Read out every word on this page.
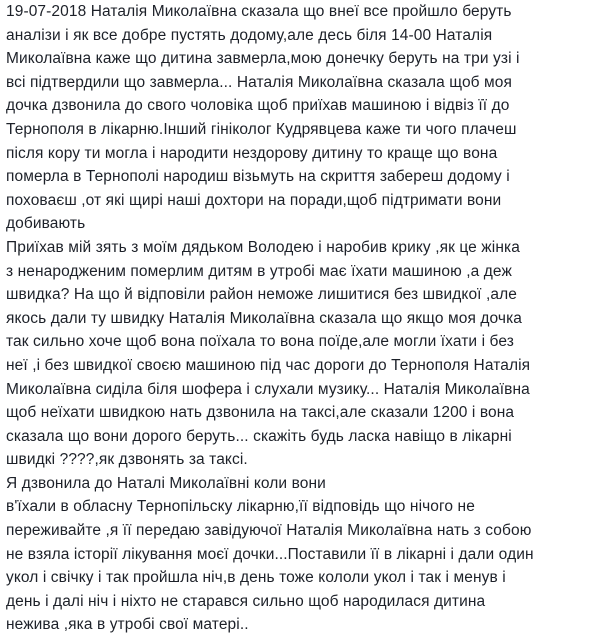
19-07-2018 Наталія Миколаївна сказала що внеї все пройшло беруть
аналізи і як все добре пустять додому,але десь біля 14-00 Наталія
Миколаївна каже що дитина завмерла,мою донечку беруть на три узі і
всі підтвердили що завмерла... Наталія Миколаївна сказала щоб моя
дочка дзвонила до свого чоловіка щоб приїхав машиною і відвіз її до
Тернополя в лікарню.Інший гініколог Кудрявцева каже ти чого плачеш
після кору ти могла і народити нездорову дитину то краще що вона
померла в Тернополі народиш візьмуть на скриття забереш додому і
поховаєш ,от які щирі наші дохтори на поради,щоб підтримати вони
добивають
Приїхав мій зять з моїм дядьком Володею і наробив крику ,як це жінка
з ненародженим померлим дитям в утробі має їхати машиною ,а деж
швидка? На що й відповіли район неможе лишитися без швидкої ,але
якось дали ту швидку Наталія Миколаївна сказала що якщо моя дочка
так сильно хоче щоб вона поїхала то вона поїде,але могли їхати і без
неї ,і без швидкої своєю машиною під час дороги до Тернополя Наталія
Миколаївна сиділа біля шофера і слухали музику... Наталія Миколаївна
щоб неїхати швидкою нать дзвонила на таксі,але сказали 1200 і вона
сказала що вони дорого беруть... скажіть будь ласка навіщо в лікарні
швидкі ????,як дзвонять за таксі.
Я дзвонила до Наталі Миколаївні коли вони
в'їхали в обласну Тернопільску лікарню,її відповідь що нічого не
переживайте ,я її передаю завідуючої Наталія Миколаївна нать з собою
не взяла історії лікування моєї дочки...Поставили її в лікарні і дали один
укол і свічку і так пройшла ніч,в день тоже кололи укол і так і менув і
день і далі ніч і ніхто не старався сильно щоб народилася дитина
нежива ,яка в утробі свої матері..
